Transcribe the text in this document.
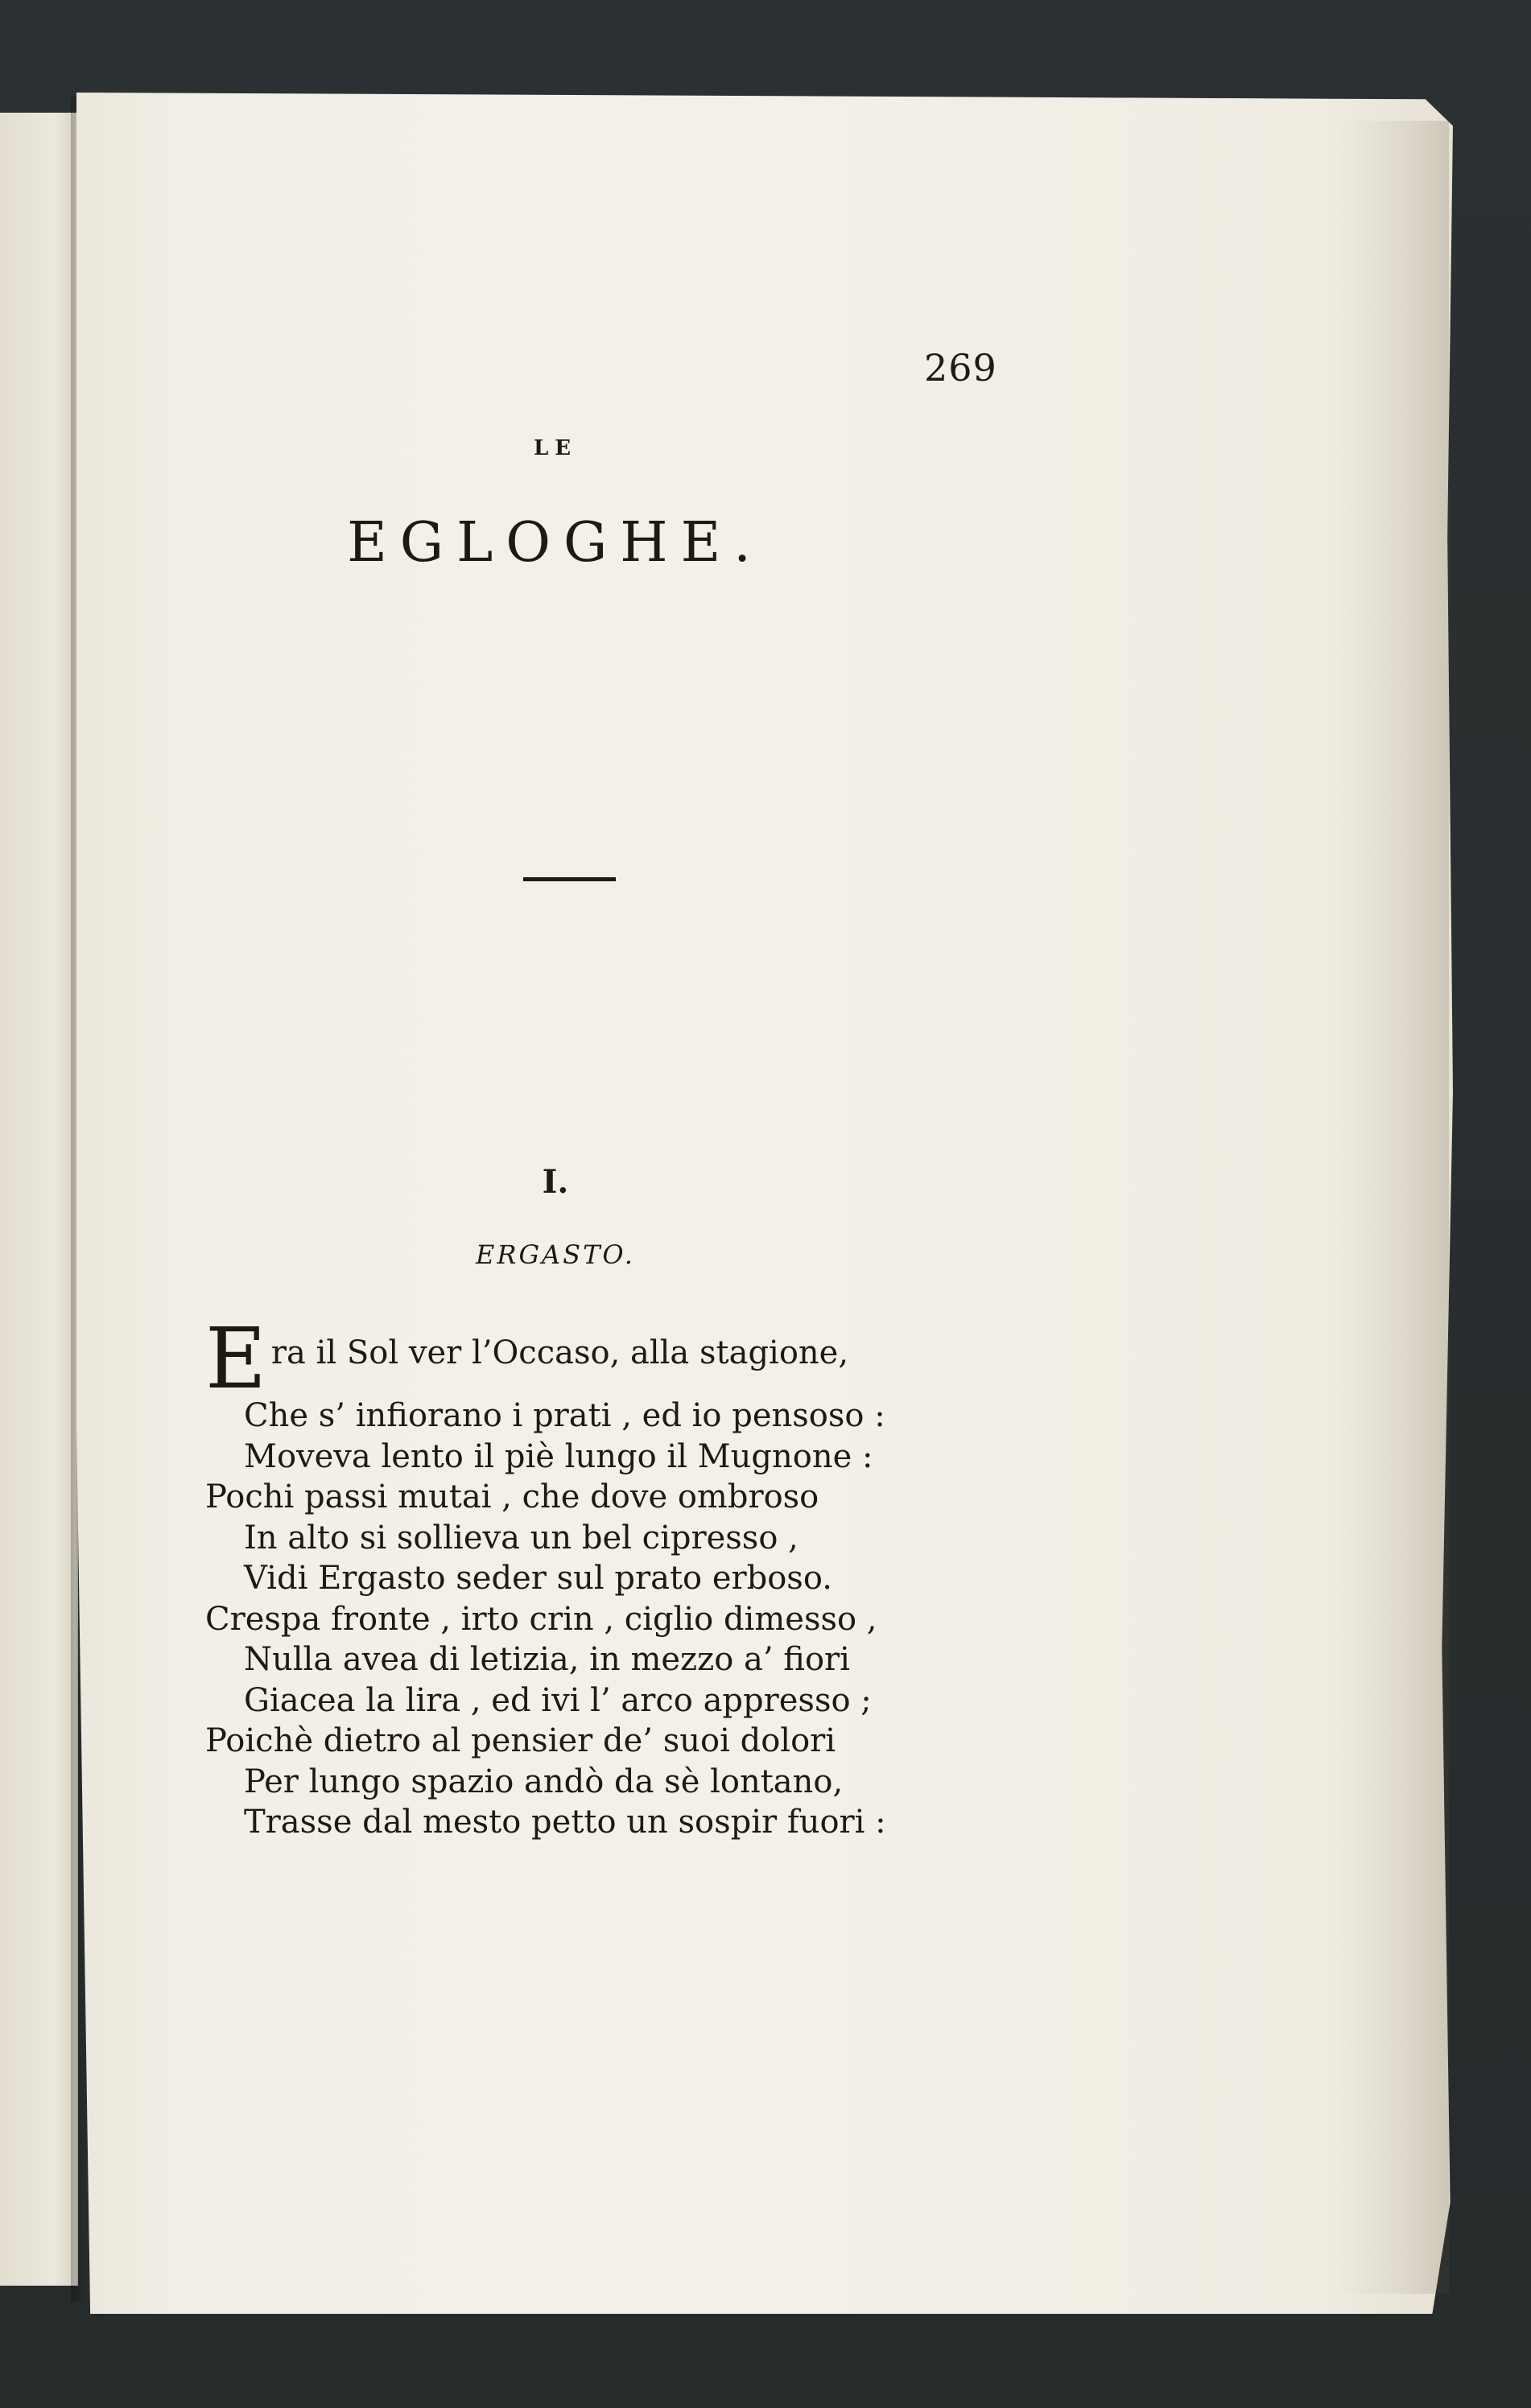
269
LE
EGLOGHE.
I.
ERGASTO.
E ra il Sol ver l’Occaso, alla stagione,
Che s’ infiorano i prati , ed io pensoso :
Moveva lento il piè lungo il Mugnone :
Pochi passi mutai , che dove ombroso
In alto si sollieva un bel cipresso ,
Vidi Ergasto seder sul prato erboso.
Crespa fronte , irto crin , ciglio dimesso ,
Nulla avea di letizia, in mezzo a’ fiori
Giacea la lira , ed ivi l’ arco appresso ;
Poichè dietro al pensier de’ suoi dolori
Per lungo spazio andò da sè lontano,
Trasse dal mesto petto un sospir fuori :
